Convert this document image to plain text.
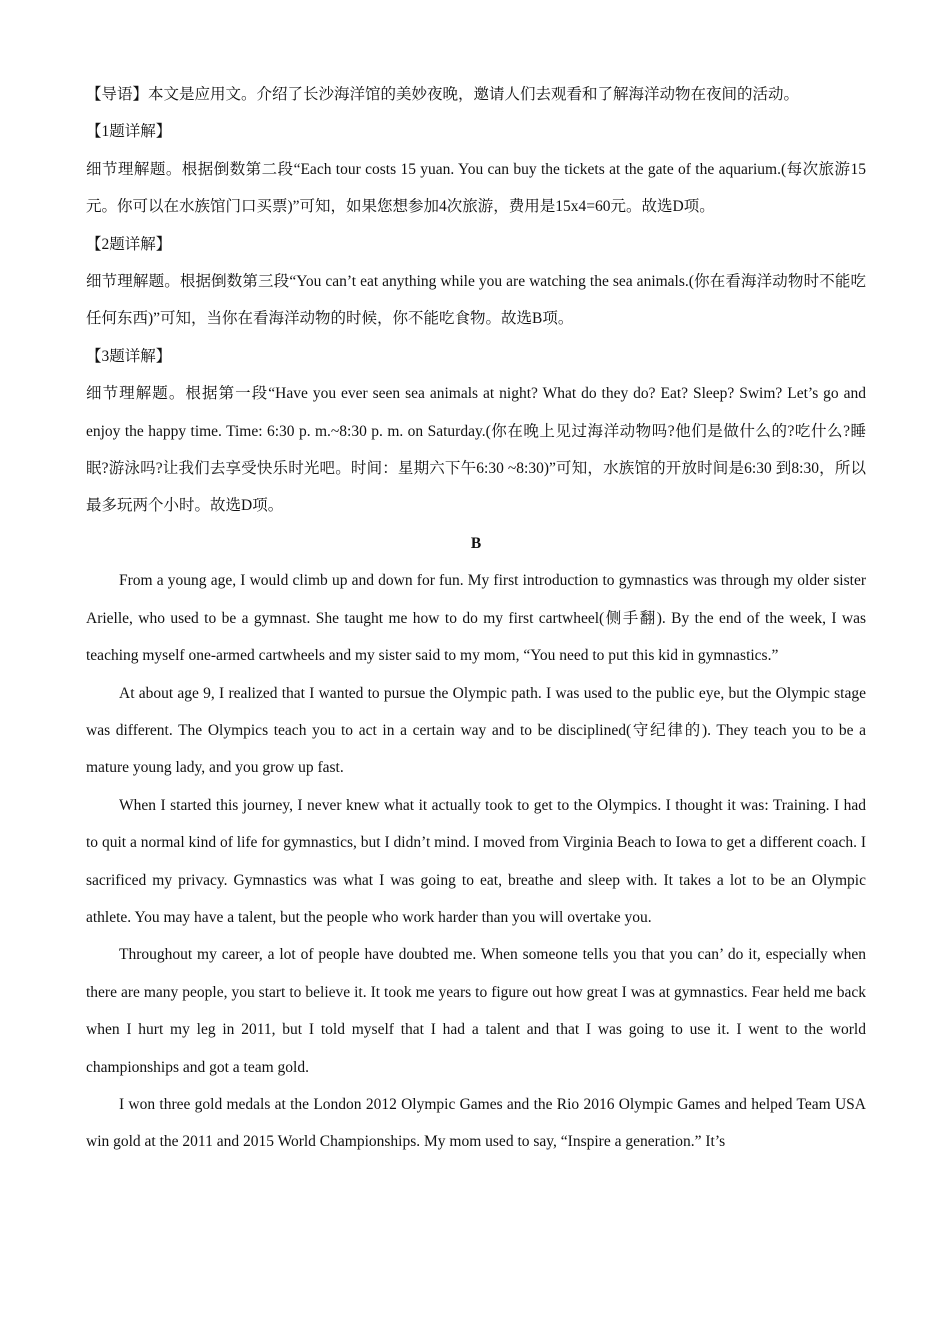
【导语】本文是应用文。介绍了长沙海洋馆的美妙夜晚，邀请人们去观看和了解海洋动物在夜间的活动。

【1题详解】

细节理解题。根据倒数第二段“Each tour costs 15 yuan. You can buy the tickets at the gate of the aquarium.(每次旅游15元。你可以在水族馆门口买票)”可知，如果您想参加4次旅游，费用是15x4=60元。故选D项。

【2题详解】

细节理解题。根据倒数第三段“You can’t eat anything while you are watching the sea animals.(你在看海洋动物时不能吃任何东西)”可知，当你在看海洋动物的时候，你不能吃食物。故选B项。

【3题详解】

细节理解题。根据第一段“Have you ever seen sea animals at night? What do they do? Eat? Sleep? Swim? Let’s go and enjoy the happy time. Time: 6:30 p. m.~8:30 p. m. on Saturday.(你在晚上见过海洋动物吗?他们是做什么的?吃什么?睡眠?游泳吗?让我们去享受快乐时光吧。时间：星期六下午6:30 ~8:30)”可知，水族馆的开放时间是6:30 到8:30，所以最多玩两个小时。故选D项。

B

From a young age, I would climb up and down for fun. My first introduction to gymnastics was through my older sister Arielle, who used to be a gymnast. She taught me how to do my first cartwheel(侧手翻). By the end of the week, I was teaching myself one-armed cartwheels and my sister said to my mom, “You need to put this kid in gymnastics.”

At about age 9, I realized that I wanted to pursue the Olympic path. I was used to the public eye, but the Olympic stage was different. The Olympics teach you to act in a certain way and to be disciplined(守纪律的). They teach you to be a mature young lady, and you grow up fast.

When I started this journey, I never knew what it actually took to get to the Olympics. I thought it was: Training. I had to quit a normal kind of life for gymnastics, but I didn’t mind. I moved from Virginia Beach to Iowa to get a different coach. I sacrificed my privacy. Gymnastics was what I was going to eat, breathe and sleep with. It takes a lot to be an Olympic athlete. You may have a talent, but the people who work harder than you will overtake you.

Throughout my career, a lot of people have doubted me. When someone tells you that you can’ do it, especially when there are many people, you start to believe it. It took me years to figure out how great I was at gymnastics. Fear held me back when I hurt my leg in 2011, but I told myself that I had a talent and that I was going to use it. I went to the world championships and got a team gold.

I won three gold medals at the London 2012 Olympic Games and the Rio 2016 Olympic Games and helped Team USA win gold at the 2011 and 2015 World Championships. My mom used to say, “Inspire a generation.” It’s
